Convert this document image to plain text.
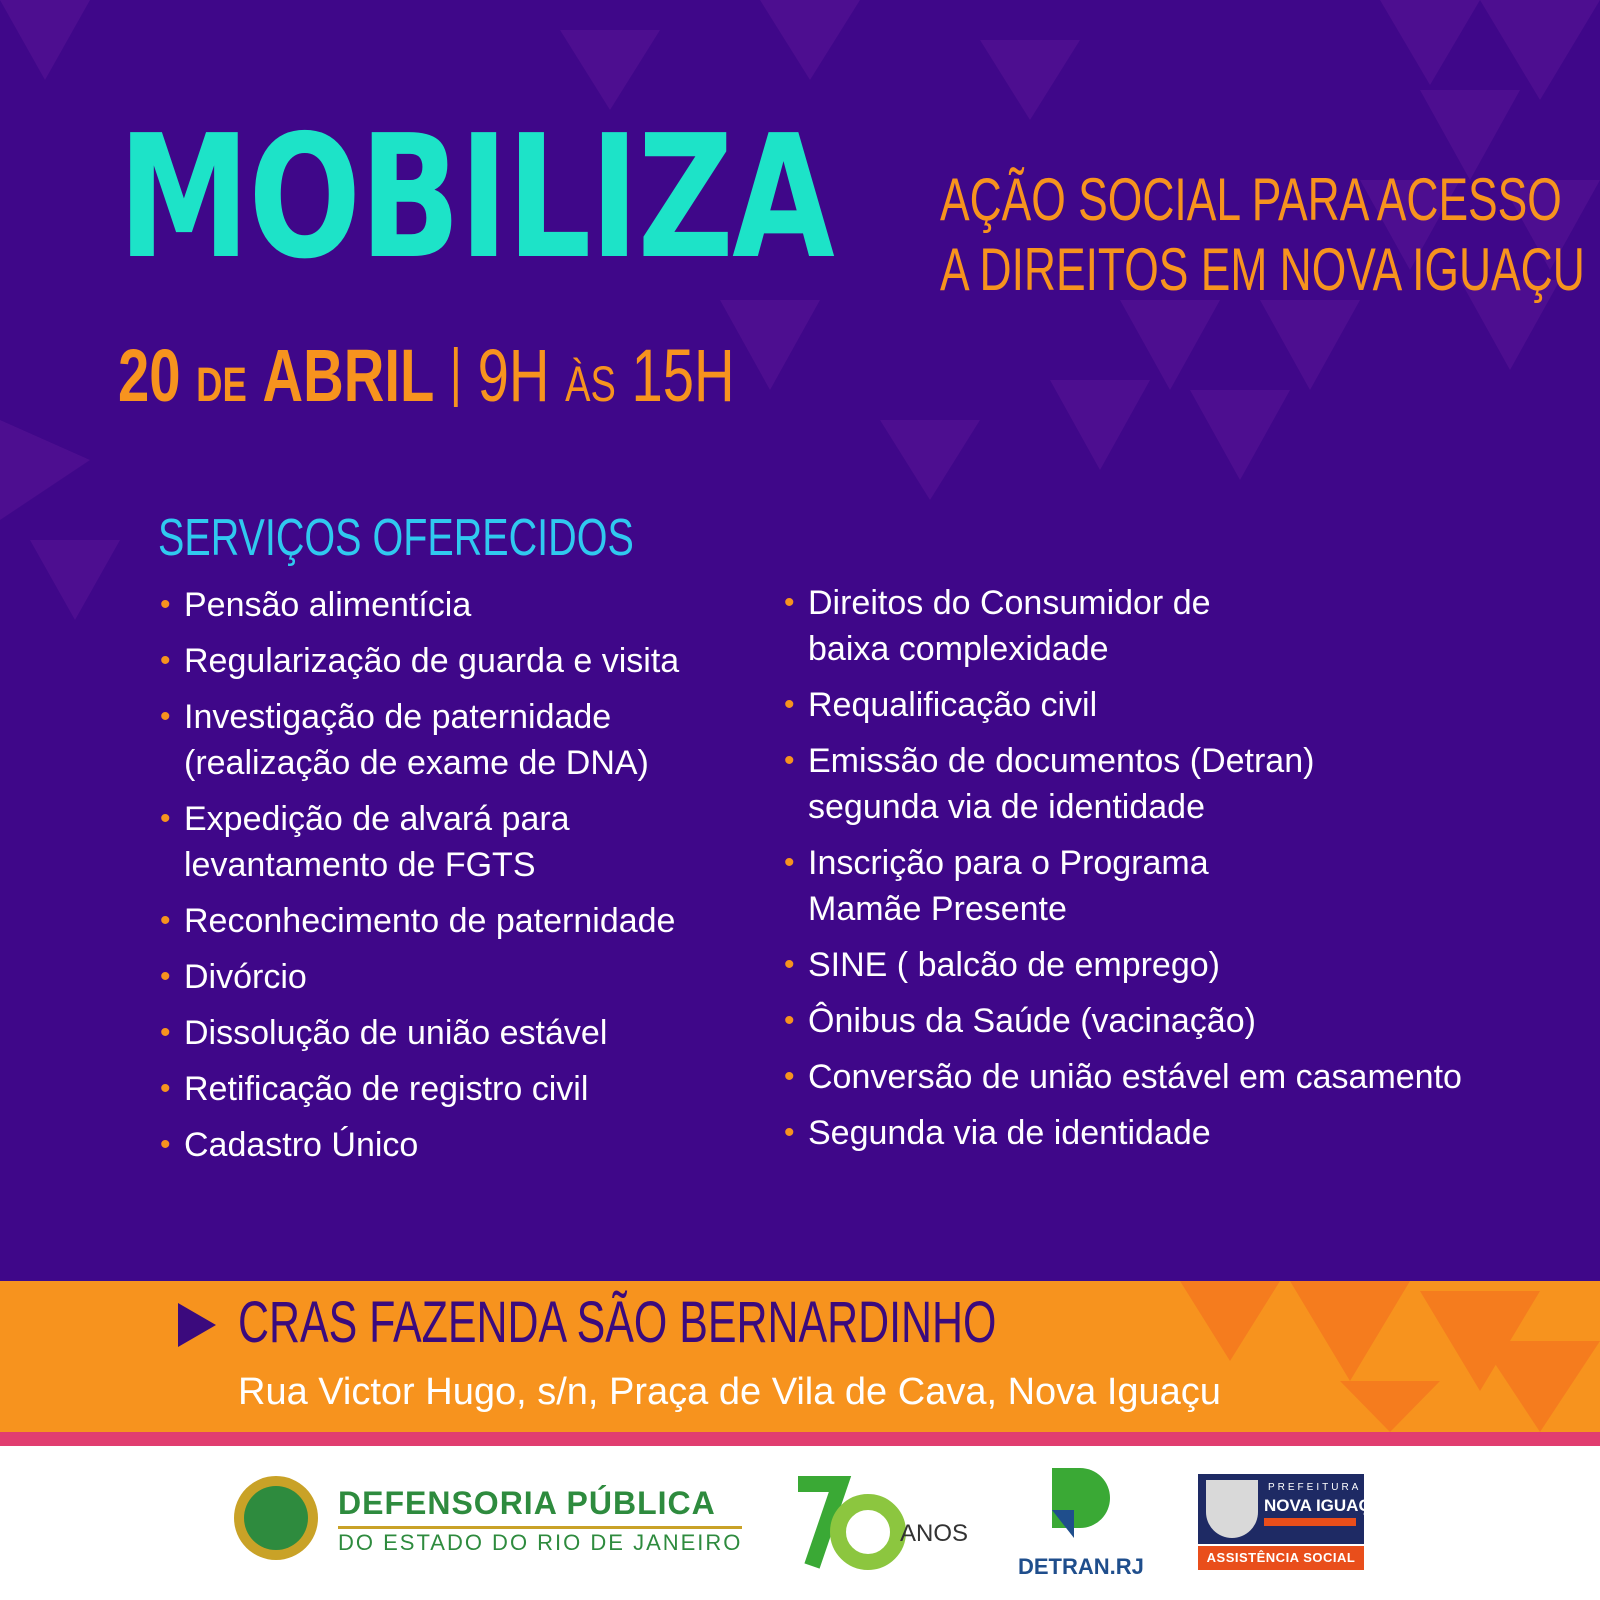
MOBILIZA AÇÃO SOCIAL PARA ACESSO
A DIREITOS EM NOVA IGUAÇU
20 DE ABRIL 9H ÀS 15H
SERVIÇOS OFERECIDOS
• Pensão alimentícia
• Regularização de guarda e visita
• Investigação de paternidade
(realização de exame de DNA)
• Expedição de alvará para
levantamento de FGTS
• Reconhecimento de paternidade
• Divórcio
• Dissolução de união estável
• Retificação de registro civil
• Cadastro Único
• Direitos do Consumidor de
baixa complexidade
• Requalificação civil
• Emissão de documentos (Detran)
segunda via de identidade
• Inscrição para o Programa
Mamãe Presente
• SINE ( balcão de emprego)
• Ônibus da Saúde (vacinação)
• Conversão de união estável em casamento
• Segunda via de identidade
CRAS FAZENDA SÃO BERNARDINHO
Rua Victor Hugo, s/n, Praça de Vila de Cava, Nova Iguaçu
DEFENSORIA PÚBLICA
DO ESTADO DO RIO DE JANEIRO
70
ANOS
DETRAN.RJ
PREFEITURA
NOVA IGUAÇU
ASSISTÊNCIA SOCIAL
